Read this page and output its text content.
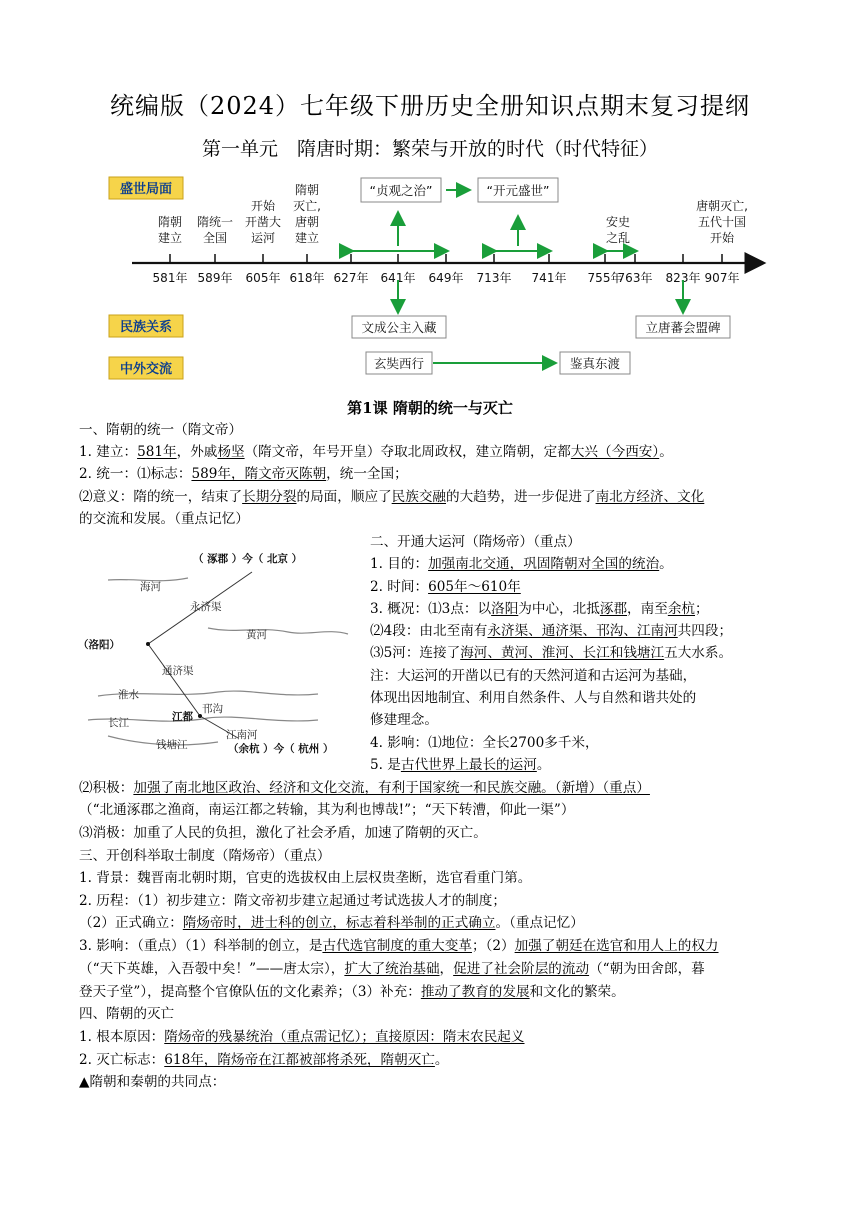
统编版（2024）七年级下册历史全册知识点期末复习提纲
第一单元　隋唐时期：繁荣与开放的时代（时代特征）
盛世局面
民族关系
中外交流
581年 589年 605年 618年 627年 641年 649年 713年 741年 755年
763年 823年 907年
隋朝
建立
隋统一
全国
开始
开凿大
运河
隋朝
灭亡,
唐朝
建立
安史
之乱
唐朝灭亡,
五代十国
开始
“贞观之治”	“开元盛世”
文成公主入藏	立唐蕃会盟碑
玄奘西行	鉴真东渡
第1课 隋朝的统一与灭亡
一、隋朝的统一（隋文帝）
1. 建立：581年，外戚杨坚（隋文帝，年号开皇）夺取北周政权，建立隋朝，定都大兴（今西安）。
2. 统一：⑴标志：589年，隋文帝灭陈朝，统一全国；
⑵意义：隋的统一，结束了长期分裂的局面，顺应了民族交融的大趋势，进一步促进了南北方经济、文化
的交流和发展。（重点记忆）
（ 涿郡 ）今（ 北京 ）
海河
永济渠
黄河
（洛阳）
通济渠
淮水
长江	江都
邗沟
江南河
钱塘江	（余杭 ）今（ 杭州 ）
二、开通大运河（隋炀帝）（重点）
1. 目的：加强南北交通，巩固隋朝对全国的统治。
2. 时间：605年～610年
3. 概况：⑴3点：以洛阳为中心，北抵涿郡，南至余杭；
⑵4段：由北至南有永济渠、通济渠、邗沟、江南河共四段；
⑶5河：连接了海河、黄河、淮河、长江和钱塘江五大水系。
注：大运河的开凿以已有的天然河道和古运河为基础，
体现出因地制宜、利用自然条件、人与自然和谐共处的
修建理念。
4. 影响：⑴地位：全长2700多千米，
5. 是古代世界上最长的运河。
⑵积极：加强了南北地区政治、经济和文化交流，有利于国家统一和民族交融。（新增）（重点）
（“北通涿郡之渔商，南运江都之转输，其为利也博哉!”；“天下转漕，仰此一渠”）
⑶消极：加重了人民的负担，激化了社会矛盾，加速了隋朝的灭亡。
三、开创科举取士制度（隋炀帝）（重点）
1. 背景：魏晋南北朝时期，官吏的选拔权由上层权贵垄断，选官看重门第。
2. 历程：（1）初步建立：隋文帝初步建立起通过考试选拔人才的制度；
（2）正式确立：隋炀帝时，进士科的创立，标志着科举制的正式确立。（重点记忆）
3. 影响：（重点）（1）科举制的创立，是古代选官制度的重大变革；（2）加强了朝廷在选官和用人上的权力
（“天下英雄，入吾彀中矣！”——唐太宗），扩大了统治基础，促进了社会阶层的流动（“朝为田舍郎，暮
登天子堂”），提高整个官僚队伍的文化素养；（3）补充：推动了教育的发展和文化的繁荣。
四、隋朝的灭亡
1. 根本原因：隋炀帝的残暴统治（重点需记忆）；直接原因：隋末农民起义
2. 灭亡标志：618年，隋炀帝在江都被部将杀死，隋朝灭亡。
▲隋朝和秦朝的共同点：
